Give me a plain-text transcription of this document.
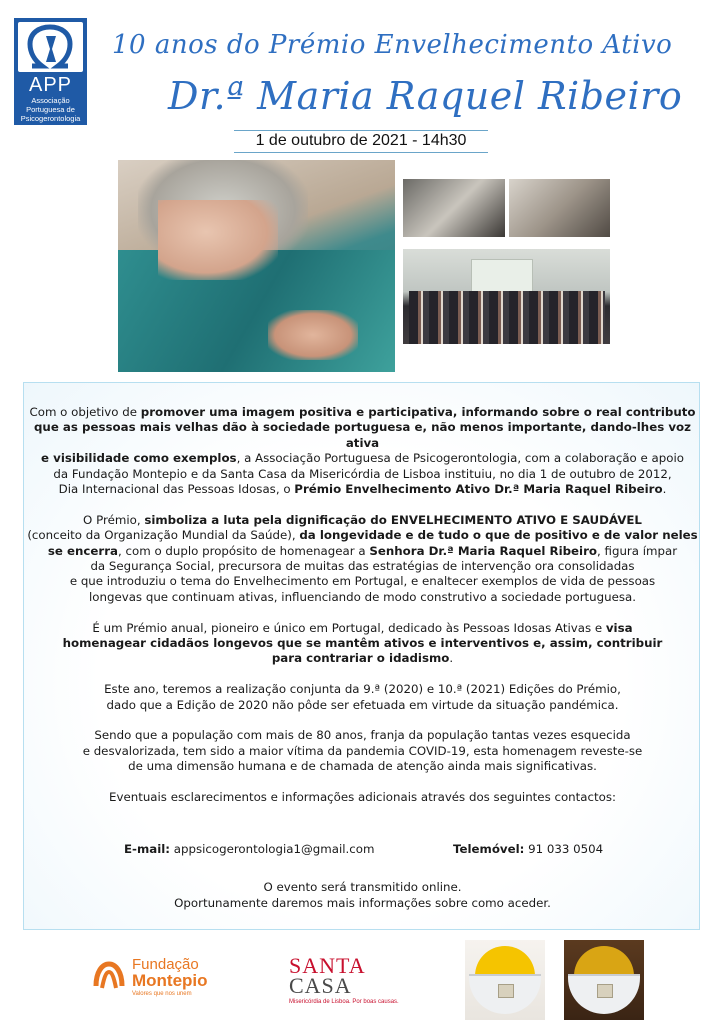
APP
Associação
Portuguesa de
Psicogerontologia
10 anos do Prémio Envelhecimento Ativo
Dr.ª Maria Raquel Ribeiro
1 de outubro de 2021 - 14h30

Com o objetivo de promover uma imagem positiva e participativa, informando sobre o real contributo
que as pessoas mais velhas dão à sociedade portuguesa e, não menos importante, dando-lhes voz ativa
e visibilidade como exemplos, a Associação Portuguesa de Psicogerontologia, com a colaboração e apoio
da Fundação Montepio e da Santa Casa da Misericórdia de Lisboa instituiu, no dia 1 de outubro de 2012,
Dia Internacional das Pessoas Idosas, o Prémio Envelhecimento Ativo Dr.ª Maria Raquel Ribeiro.

O Prémio, simboliza a luta pela dignificação do ENVELHECIMENTO ATIVO E SAUDÁVEL
(conceito da Organização Mundial da Saúde), da longevidade e de tudo o que de positivo e de valor neles
se encerra, com o duplo propósito de homenagear a Senhora Dr.ª Maria Raquel Ribeiro, figura ímpar
da Segurança Social, precursora de muitas das estratégias de intervenção ora consolidadas
e que introduziu o tema do Envelhecimento em Portugal, e enaltecer exemplos de vida de pessoas
longevas que continuam ativas, influenciando de modo construtivo a sociedade portuguesa.

É um Prémio anual, pioneiro e único em Portugal, dedicado às Pessoas Idosas Ativas e visa
homenagear cidadãos longevos que se mantêm ativos e interventivos e, assim, contribuir
para contrariar o idadismo.

Este ano, teremos a realização conjunta da 9.ª (2020) e 10.ª (2021) Edições do Prémio,
dado que a Edição de 2020 não pôde ser efetuada em virtude da situação pandémica.

Sendo que a população com mais de 80 anos, franja da população tantas vezes esquecida
e desvalorizada, tem sido a maior vítima da pandemia COVID-19, esta homenagem reveste-se
de uma dimensão humana e de chamada de atenção ainda mais significativas.

Eventuais esclarecimentos e informações adicionais através dos seguintes contactos:

E-mail: appsicogerontologia1@gmail.com	Telemóvel: 91 033 0504
O evento será transmitido online.
Oportunamente daremos mais informações sobre como aceder.
Fundação
Montepio
Valores que nos unem
SANTA
CASA
Misericórdia de Lisboa. Por boas causas.
